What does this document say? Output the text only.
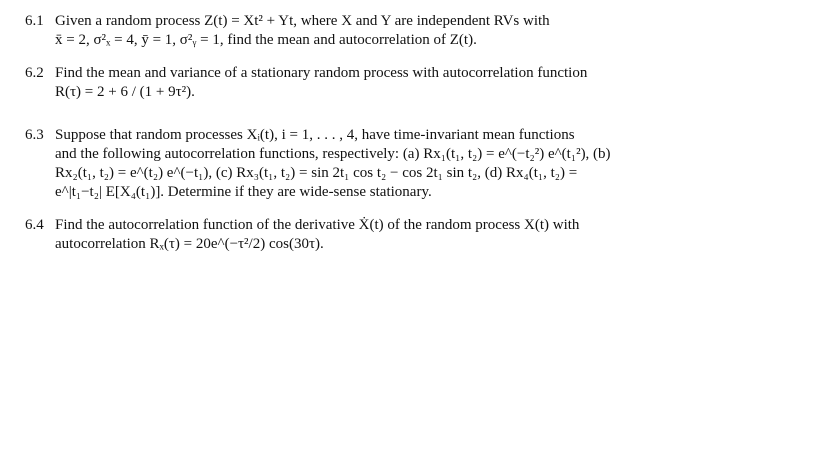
6.1 Given a random process Z(t) = Xt² + Yt, where X and Y are independent RVs with
x̄ = 2, σ²ₓ = 4, ȳ = 1, σ²ᵧ = 1, find the mean and autocorrelation of Z(t).
6.2 Find the mean and variance of a stationary random process with autocorrelation function
R(τ) = 2 + 6 / (1 + 9τ²).
6.3 Suppose that random processes Xᵢ(t), i = 1, . . . , 4, have time-invariant mean functions
and the following autocorrelation functions, respectively: (a) Rx₁(t₁, t₂) = e^(−t₂²) e^(t₁²), (b)
Rx₂(t₁, t₂) = e^(t₂) e^(−t₁), (c) Rx₃(t₁, t₂) = sin 2t₁ cos t₂ − cos 2t₁ sin t₂, (d) Rx₄(t₁, t₂) =
e^|t₁−t₂| E[X₄(t₁)]. Determine if they are wide-sense stationary.
6.4 Find the autocorrelation function of the derivative Ẋ(t) of the random process X(t) with
autocorrelation Rₓ(τ) = 20e^(−τ²/2) cos(30τ).
